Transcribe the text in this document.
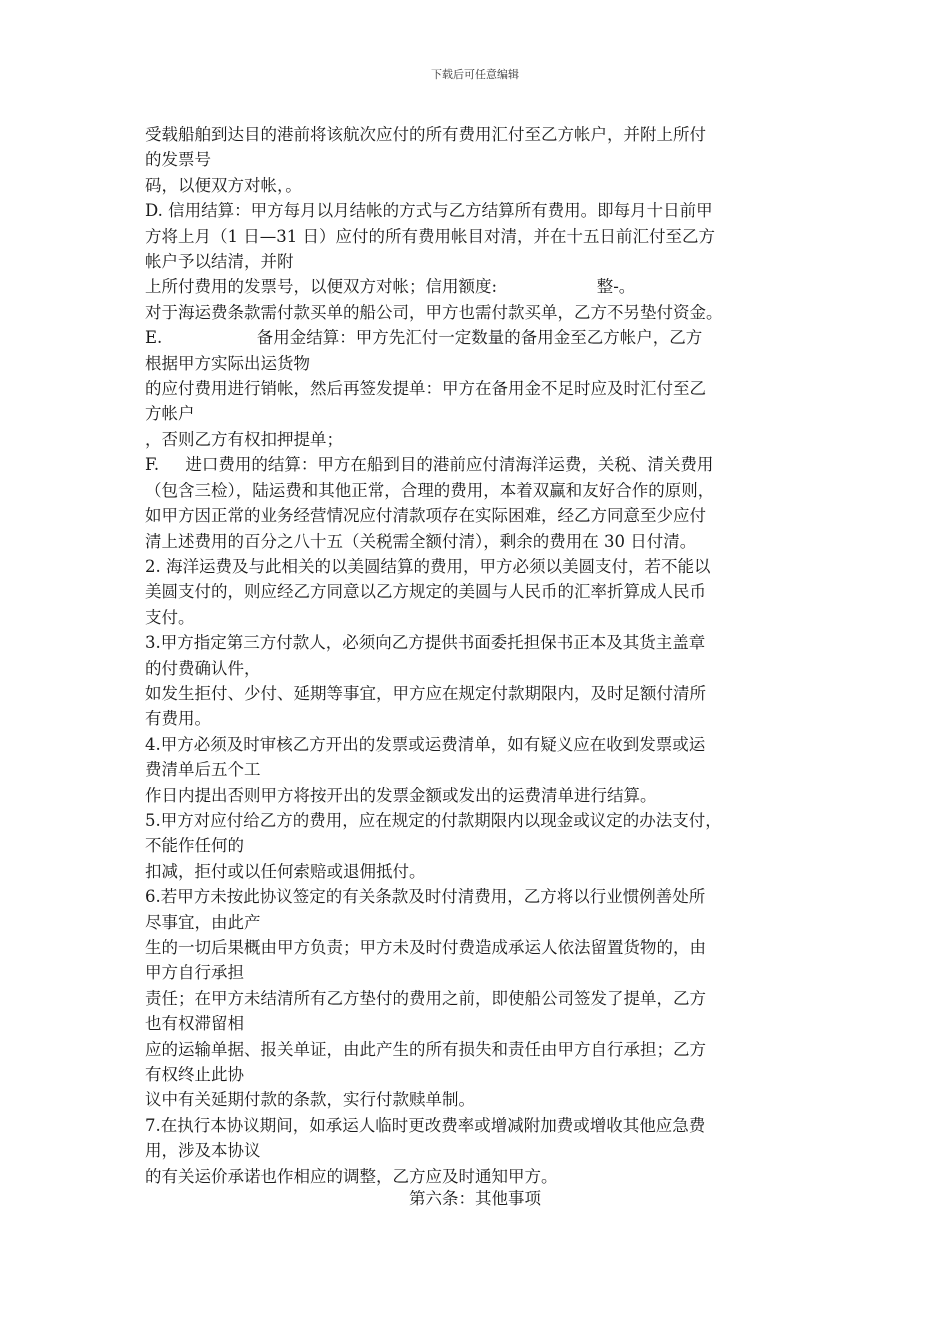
下载后可任意编辑

受载船舶到达目的港前将该航次应付的所有费用汇付至乙方帐户，并附上所付

的发票号

码，以便双方对帐，。

D. 信用结算：甲方每月以月结帐的方式与乙方结算所有费用。即每月十日前甲

方将上月（1 日—31 日）应付的所有费用帐目对清，并在十五日前汇付至乙方

帐户予以结清，并附

上所付费用的发票号，以便双方对帐；信用额度:                   整-。

对于海运费条款需付款买单的船公司，甲方也需付款买单，乙方不另垫付资金。

E.                  备用金结算：甲方先汇付一定数量的备用金至乙方帐户，乙方

根据甲方实际出运货物

的应付费用进行销帐，然后再签发提单：甲方在备用金不足时应及时汇付至乙

方帐户

，否则乙方有权扣押提单；

F.     进口费用的结算：甲方在船到目的港前应付清海洋运费，关税、清关费用

（包含三检），陆运费和其他正常，合理的费用，本着双赢和友好合作的原则，

如甲方因正常的业务经营情况应付清款项存在实际困难，经乙方同意至少应付

清上述费用的百分之八十五（关税需全额付清），剩余的费用在 30 日付清。

2. 海洋运费及与此相关的以美圆结算的费用，甲方必须以美圆支付，若不能以

美圆支付的，则应经乙方同意以乙方规定的美圆与人民币的汇率折算成人民币

支付。

3.甲方指定第三方付款人，必须向乙方提供书面委托担保书正本及其货主盖章

的付费确认件，

如发生拒付、少付、延期等事宜，甲方应在规定付款期限内，及时足额付清所

有费用。

4.甲方必须及时审核乙方开出的发票或运费清单，如有疑义应在收到发票或运

费清单后五个工

作日内提出否则甲方将按开出的发票金额或发出的运费清单进行结算。

5.甲方对应付给乙方的费用，应在规定的付款期限内以现金或议定的办法支付，

不能作任何的

扣减，拒付或以任何索赔或退佣抵付。

6.若甲方未按此协议签定的有关条款及时付清费用，乙方将以行业惯例善处所

尽事宜，由此产

生的一切后果概由甲方负责；甲方未及时付费造成承运人依法留置货物的，由

甲方自行承担

责任；在甲方未结清所有乙方垫付的费用之前，即使船公司签发了提单，乙方

也有权滞留相

应的运输单据、报关单证，由此产生的所有损失和责任由甲方自行承担；乙方

有权终止此协

议中有关延期付款的条款，实行付款赎单制。

7.在执行本协议期间，如承运人临时更改费率或增减附加费或增收其他应急费

用，涉及本协议

的有关运价承诺也作相应的调整，乙方应及时通知甲方。

第六条：其他事项
